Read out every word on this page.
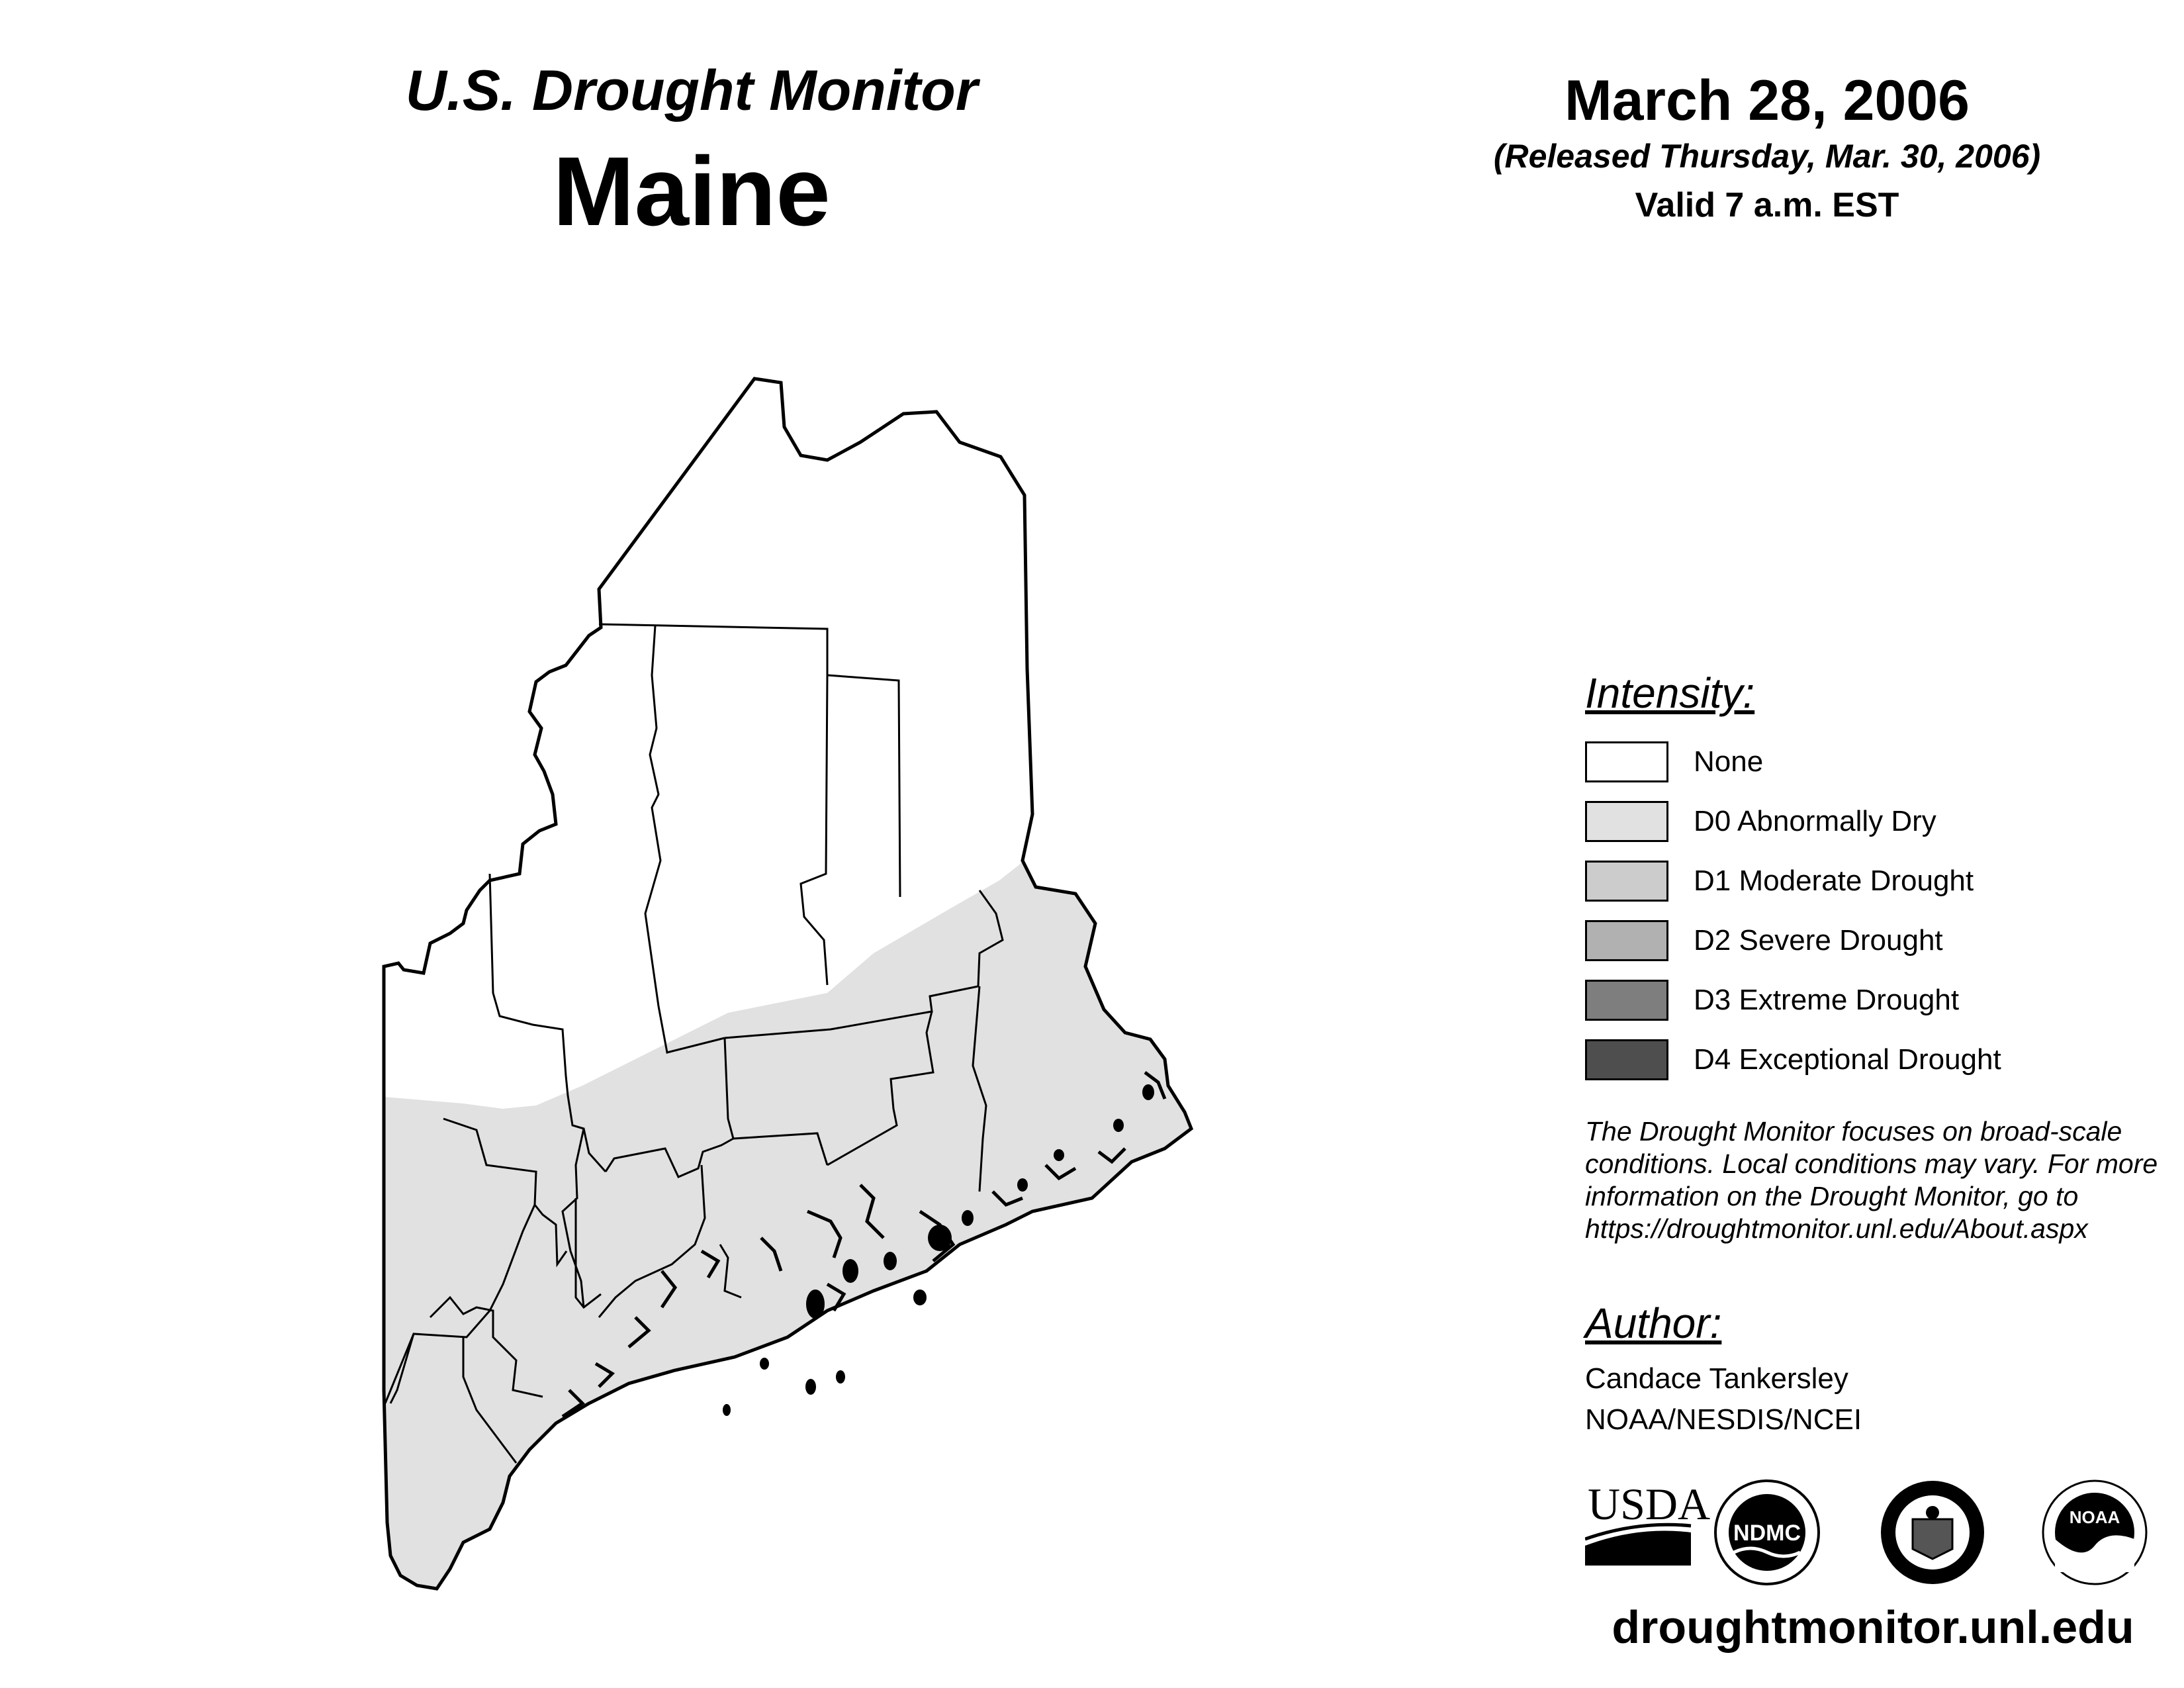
U.S. Drought Monitor
Maine
March 28, 2006
(Released Thursday, Mar. 30, 2006)
Valid 7 a.m. EST
Intensity:
None
D0 Abnormally Dry
D1 Moderate Drought
D2 Severe Drought
D3 Extreme Drought
D4 Exceptional Drought
The Drought Monitor focuses on broad-scale
conditions. Local conditions may vary. For more
information on the Drought Monitor, go to
https://droughtmonitor.unl.edu/About.aspx
Author:
Candace Tankersley
NOAA/NESDIS/NCEI
USDA
NDMC
NOAA
droughtmonitor.unl.edu
